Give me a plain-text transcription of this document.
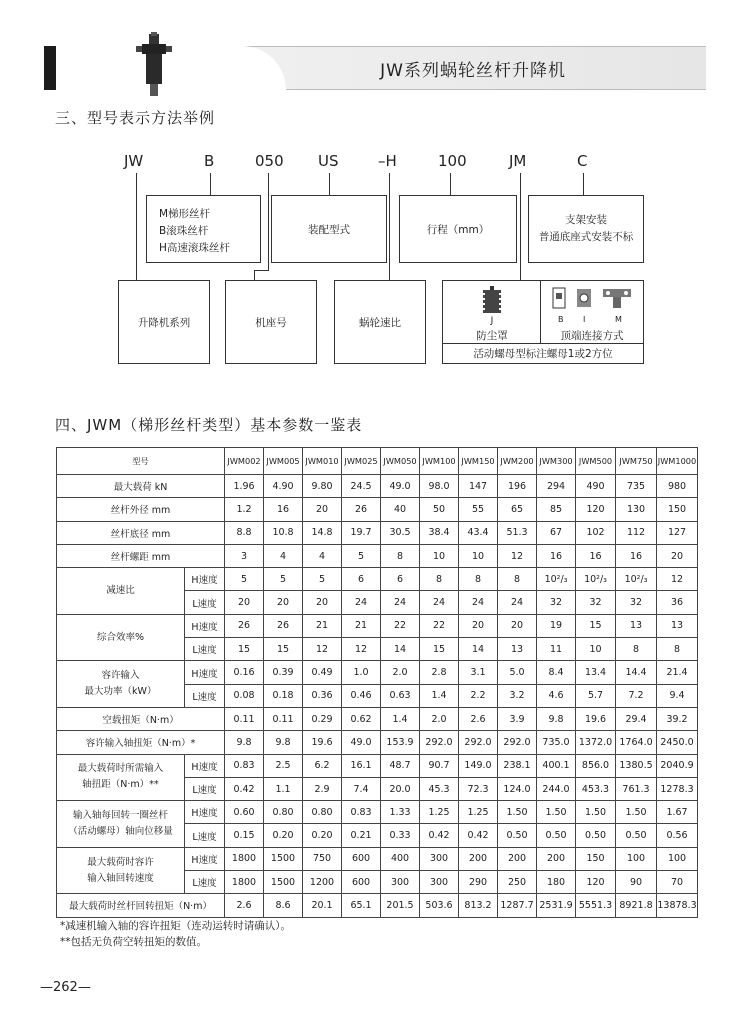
JW系列蜗轮丝杆升降机
三、型号表示方法举例
JW	B	050 US	–H	100	JM	C
M梯形丝杆
B滚珠丝杆
H高速滚珠丝杆
装配型式	行程（mm）
支架安装
普通底座式安装不标
升降机系列	机座号	蜗轮速比	J
防尘罩
B I	M
顶端连接方式
活动螺母型标注螺母1或2方位
四、JWM（梯形丝杆类型）基本参数一鉴表
型号		JWM002	JWM005	JWM010	JWM025	JWM050	JWM100	JWM150	JWM200	JWM300	JWM500	JWM750	JWM1000
最大载荷 kN		1.96	4.90	9.80	24.5	49.0	98.0	147	196	294	490	735	980
丝杆外径 mm		1.2	16	20	26	40	50	55	65	85	120	130	150
丝杆底径 mm		8.8	10.8	14.8	19.7	30.5	38.4	43.4	51.3	67	102	112	127
丝杆螺距 mm		3	4	4	5	8	10	10	12	16	16	16	20

减速比	H速度	5	5	5	6	6	8	8	8	10²/₃	10²/₃	10²/₃	12
	L速度	20	20	20	24	24	24	24	24	32	32	32	36

综合效率%	H速度	26	26	21	21	22	22	20	20	19	15	13	13
	L速度	15	15	12	12	14	15	14	13	11	10	8	8

容许输入
最大功率（kW）	H速度	0.16	0.39	0.49	1.0	2.0	2.8	3.1	5.0	8.4	13.4	14.4	21.4
	L速度	0.08	0.18	0.36	0.46	0.63	1.4	2.2	3.2	4.6	5.7	7.2	9.4
空载扭矩（N·m）		0.11	0.11	0.29	0.62	1.4	2.0	2.6	3.9	9.8	19.6	29.4	39.2
容许输入轴扭矩（N·m）*		9.8	9.8	19.6	49.0	153.9	292.0	292.0	292.0	735.0	1372.0	1764.0	2450.0

最大载荷时所需输入
轴扭距（N·m）**	H速度	0.83	2.5	6.2	16.1	48.7	90.7	149.0	238.1	400.1	856.0	1380.5	2040.9
	L速度	0.42	1.1	2.9	7.4	20.0	45.3	72.3	124.0	244.0	453.3	761.3	1278.3

输入轴每回转一圈丝杆
（活动螺母）轴向位移量	H速度	0.60	0.80	0.80	0.83	1.33	1.25	1.25	1.50	1.50	1.50	1.50	1.67
	L速度	0.15	0.20	0.20	0.21	0.33	0.42	0.42	0.50	0.50	0.50	0.50	0.56

最大载荷时容许
输入轴回转速度	H速度	1800	1500	750	600	400	300	200	200	200	150	100	100
	L速度	1800	1500	1200	600	300	300	290	250	180	120	90	70
最大载荷时丝杆回转扭矩（N·m）		2.6	8.6	20.1	65.1	201.5	503.6	813.2	1287.7	2531.9	5551.3	8921.8	13878.3
*减速机输入轴的容许扭矩（连动运转时请确认）。
**包括无负荷空转扭矩的数值。
—262—
